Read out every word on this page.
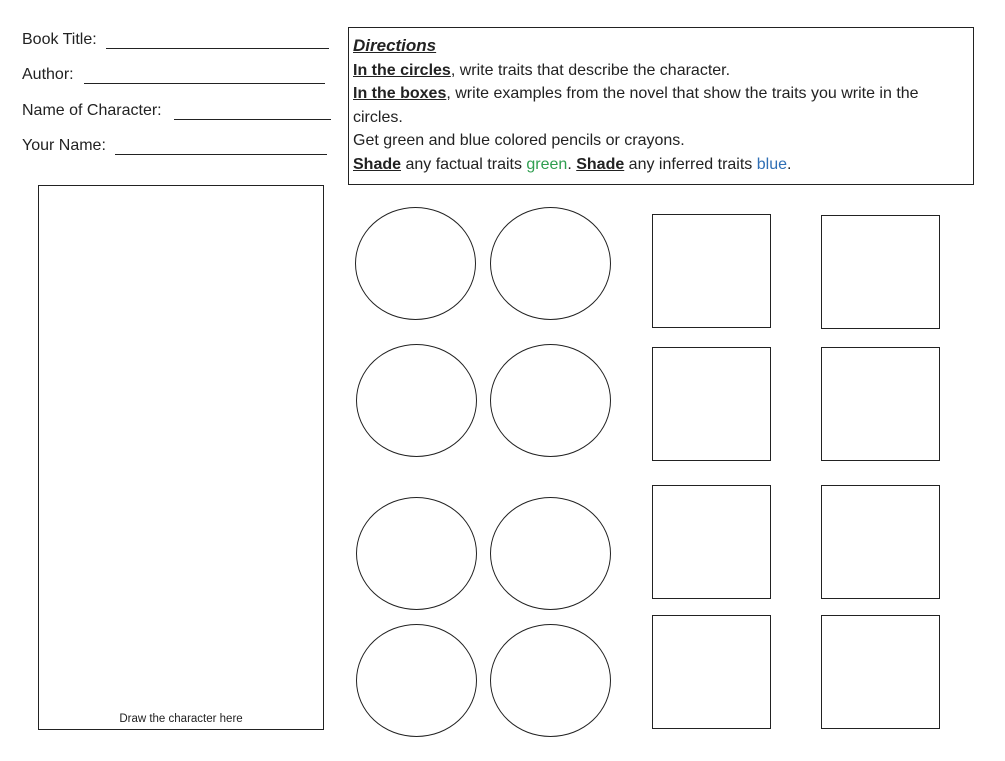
Book Title:
Author:
Name of Character:
Your Name:
Directions
In the circles, write traits that describe the character.
In the boxes, write examples from the novel that show the traits you write in the
circles.
Get green and blue colored pencils or crayons.
Shade any factual traits green. Shade any inferred traits blue.
Draw the character here
